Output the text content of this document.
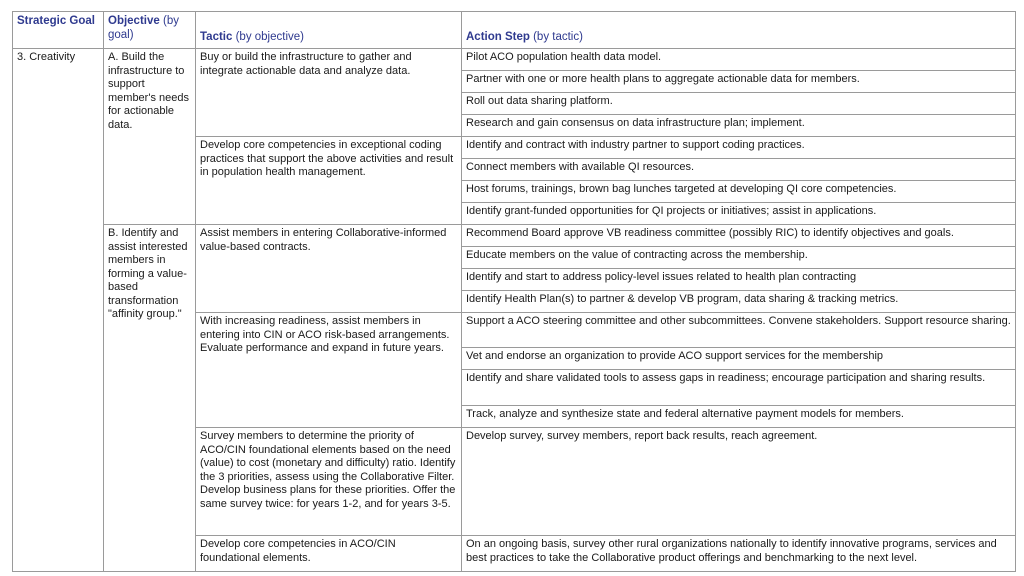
Strategic Goal	Objective (by goal)	Tactic (by objective)	Action Step (by tactic)
3. Creativity	A. Build the infrastructure to support member's needs for actionable data.	Buy or build the infrastructure to gather and integrate actionable data and analyze data.	Pilot ACO population health data model.
			Partner with one or more health plans to aggregate actionable data for members.
			Roll out data sharing platform.
			Research and gain consensus on data infrastructure plan; implement.
		Develop core competencies in exceptional coding practices that support the above activities and result in population health management.	Identify and contract with industry partner to support coding practices.
			Connect members with available QI resources.
			Host forums, trainings, brown bag lunches targeted at developing QI core competencies.
			Identify grant-funded opportunities for QI projects or initiatives; assist in applications.
	B. Identify and assist interested members in forming a value-based transformation "affinity group."	Assist members in entering Collaborative-informed value-based contracts.	Recommend Board approve VB readiness committee (possibly RIC) to identify objectives and goals.
			Educate members on the value of contracting across the membership.
			Identify and start to address policy-level issues related to health plan contracting
			Identify Health Plan(s) to partner & develop VB program, data sharing & tracking metrics.
		With increasing readiness, assist members in entering into CIN or ACO risk-based arrangements. Evaluate performance and expand in future years.	Support a ACO steering committee and other subcommittees. Convene stakeholders. Support resource sharing.
			Vet and endorse an organization to provide ACO support services for the membership
			Identify and share validated tools to assess gaps in readiness; encourage participation and sharing results.
			Track, analyze and synthesize state and federal alternative payment models for members.
		Survey members to determine the priority of ACO/CIN foundational elements based on the need (value) to cost (monetary and difficulty) ratio. Identify the 3 priorities, assess using the Collaborative Filter. Develop business plans for these priorities. Offer the same survey twice: for years 1-2, and for years 3-5.	Develop survey, survey members, report back results, reach agreement.
		Develop core competencies in ACO/CIN foundational elements.	On an ongoing basis, survey other rural organizations nationally to identify innovative programs, services and best practices to take the Collaborative product offerings and benchmarking to the next level.
